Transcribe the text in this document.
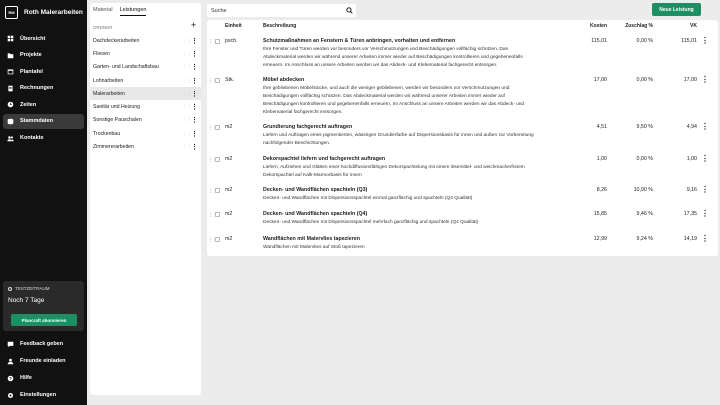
RM	Roth Malerarbeiten
Übersicht
Projekte
Plantafel
Rechnungen
Zeiten
Stammdaten
Kontakte
TESTZEITRAUM
Noch 7 Tage
Plancraft abonnieren
Feedback geben
Freunde einladen
? Hilfe
Einstellungen
Material Leistungen
ORDNER	+
Dachdeckerarbeiten	⋮⋮ ⋮
Fliesen	⋮⋮ ⋮
Garten- und Landschaftsbau	⋮⋮ ⋮
Lohnarbeiten	⋮⋮ ⋮
Malerarbeiten	⋮⋮ ⋮
Sanitär und Heizung	⋮⋮ ⋮
Sonstige Pauschalen	⋮⋮ ⋮
Trockenbau	⋮⋮ ⋮
Zimmererarbeiten	⋮⋮ ⋮
Suche
Neue Leistung
Einheit	Beschreibung	Kosten	Zuschlag %	VK
⋮⋮ psch.	Schutzmaßnahmen an Fenstern & Türen anbringen, vorhalten und entfernen
Ihre Fenster und Türen werden vor besonders vor Verschmutzungen und Beschädigungen vollfächig schützen. Das Abdeckmaterial werden wir während unserer Arbeiten immer wieder auf Beschädigungen kontrollieren und gegebenenfalls erneuern. Im Anschluss an unsere Arbeiten werden wir das Abdeck- und Klebematerial fachgerecht entsorgen.
115,01	0,00 %	115,01 ⋮
⋮⋮ Stk.	Möbel abdecken
Ihre gebliebenen Möbelstücke, und auch die weniger gebliebenen, werden wir besonders vor Verschmutzungen und Beschädigungen vollfächig schützen. Das Abdeckmaterial werden wir während unserer Arbeiten immer wieder auf Beschädigungen kontrollieren und gegebenenfalls erneuern. Im Anschluss an unsere Arbeiten werden wir das Abdeck- und Klebematerial fachgerecht entsorgen.
17,00	0,00 %	17,00 ⋮
⋮⋮ m2	Grundierung fachgerecht auftragen
Liefern und Auftragen eines pigmentierten, wässrigen Grundierfarbe auf Dispersionsbasis für innen und außen zur Vorbereitung nachfolgender Beschichtungen.
4,51	9,50 %	4,94 ⋮
⋮⋮ m2	Dekorspachtel liefern und fachgerecht auftragen
Liefern, Aufziehen und Glätten einer hochdiffusionsfähigen Dekorspachtelung mit einem lösemittel- und weichmacherfreiem Dekorspachtel auf Kalk-Marmorbasis für innen
1,00	0,00 %	1,00 ⋮
⋮⋮ m2	Decken- und Wandflächen spachteln (Q3)
Decken- und Wandflächen mit Dispersionsspachtel einmal ganzflächig und spachteln (Q3 Qualität)
8,26	10,90 %	9,16 ⋮
⋮⋮ m2	Decken- und Wandflächen spachteln (Q4)
Decken- und Wandflächen mit Dispersionsspachtel mehrfach ganzflächig und spachteln (Q4 Qualität)
15,85	9,46 %	17,35 ⋮
⋮⋮ m2	Wandflächen mit Malervlies tapezieren
Wandflächen mit Malervlies auf Stoß tapezieren
12,99	9,24 %	14,19 ⋮
